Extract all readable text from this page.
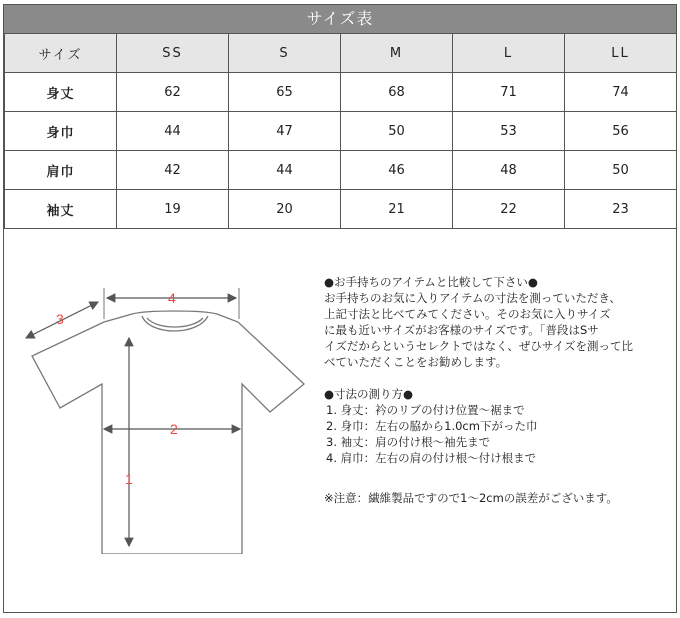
サイズ表
サイズ	SS	S	M	L	LL
身丈	62	65	68	71	74
身巾	44	47	50	53	56
肩巾	42	44	46	48	50
袖丈	19	20	21	22	23
1
2
3
4

●お手持ちのアイテムと比較して下さい●

お手持ちのお気に入りアイテムの寸法を測っていただき、

上記寸法と比べてみてください。そのお気に入りサイズ

に最も近いサイズがお客様のサイズです。「普段はSサ

イズだからというセレクトではなく、ぜひサイズを測って比

べていただくことをお勧めします。

●寸法の測り方●

1. 身丈：衿のリブの付け位置～裾まで

2. 身巾：左右の脇から1.0cm下がった巾

3. 袖丈：肩の付け根～袖先まで

4. 肩巾：左右の肩の付け根～付け根まで

※注意：繊維製品ですので1～2cmの誤差がございます。
